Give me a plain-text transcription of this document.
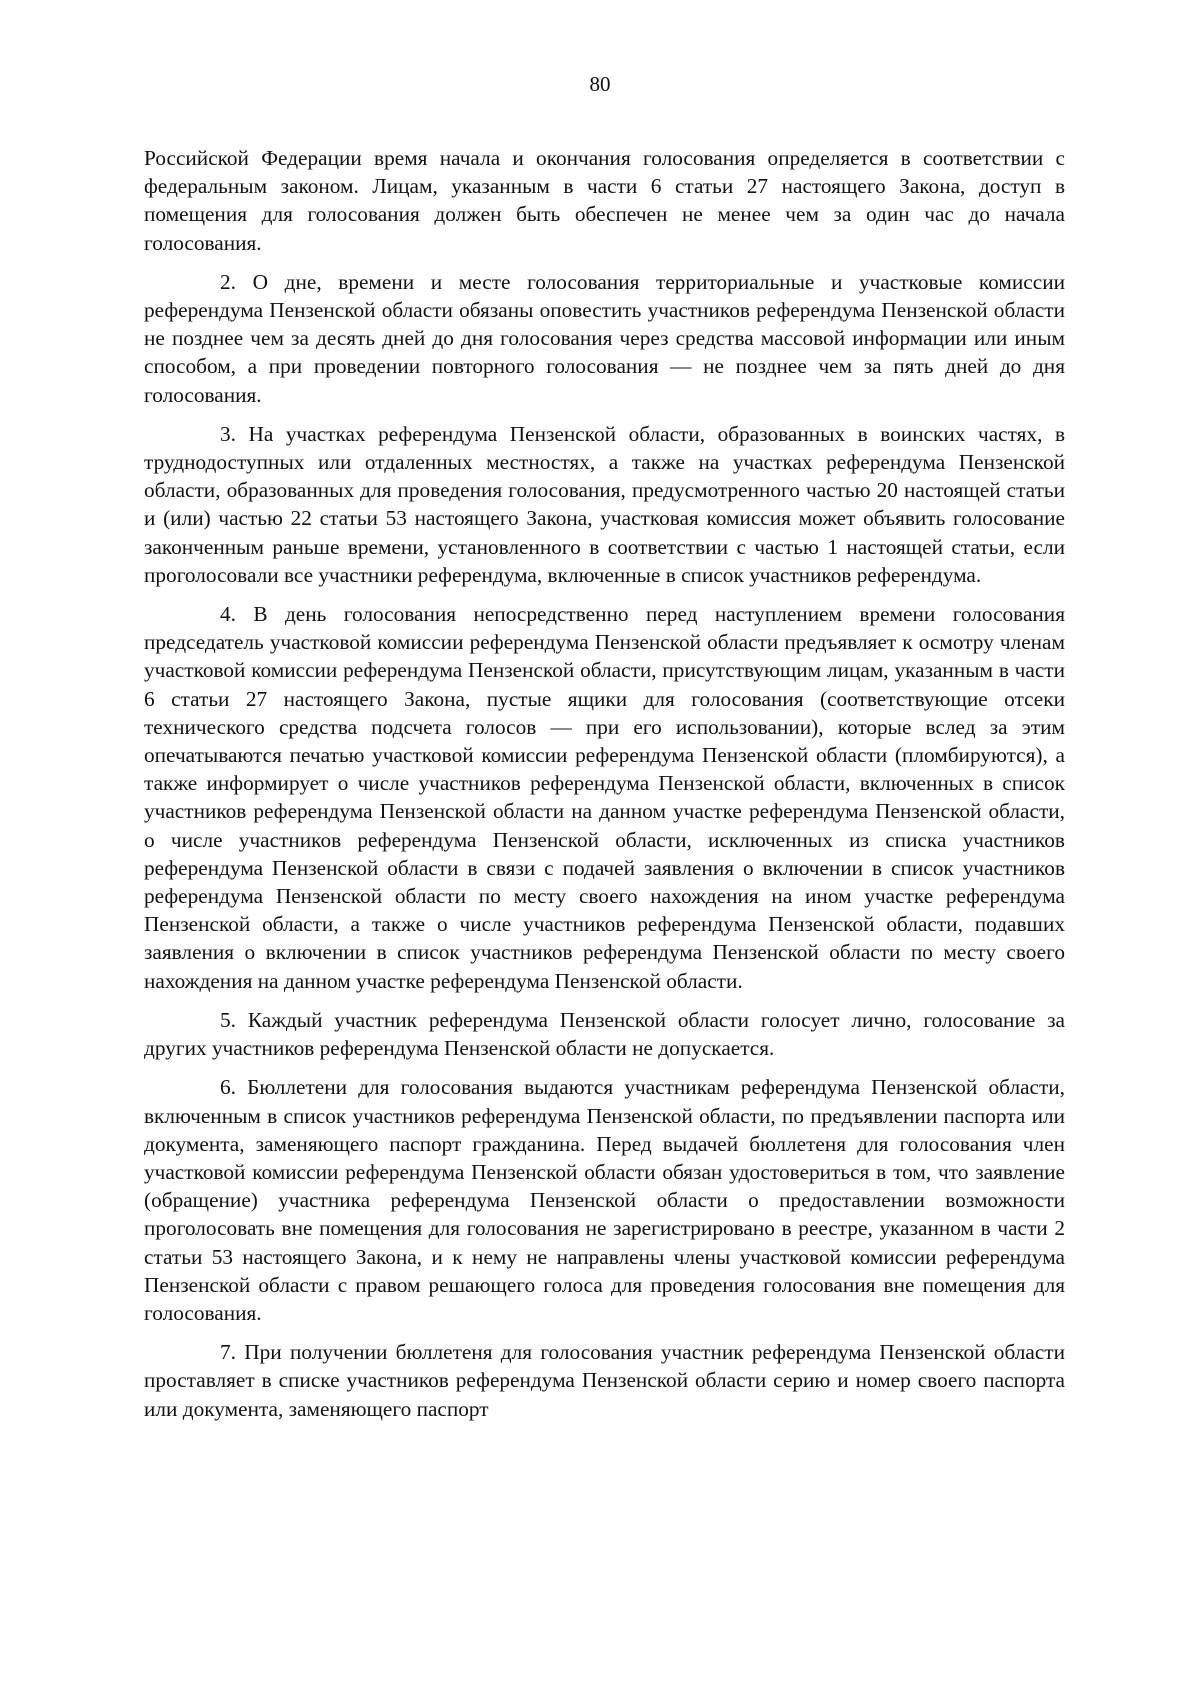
80

Российской Федерации время начала и окончания голосования определяется в соответствии с федеральным законом. Лицам, указанным в части 6 статьи 27 настоящего Закона, доступ в помещения для голосования должен быть обеспечен не менее чем за один час до начала голосования.

2. О дне, времени и месте голосования территориальные и участковые комиссии референдума Пензенской области обязаны оповестить участников референдума Пензенской области не позднее чем за десять дней до дня голосования через средства массовой информации или иным способом, а при проведении повторного голосования — не позднее чем за пять дней до дня голосования.

3. На участках референдума Пензенской области, образованных в воинских частях, в труднодоступных или отдаленных местностях, а также на участках референдума Пензенской области, образованных для проведения голосования, предусмотренного частью 20 настоящей статьи и (или) частью 22 статьи 53 настоящего Закона, участковая комиссия может объявить голосование законченным раньше времени, установленного в соответствии с частью 1 настоящей статьи, если проголосовали все участники референдума, включенные в список участников референдума.

4. В день голосования непосредственно перед наступлением времени голосования председатель участковой комиссии референдума Пензенской области предъявляет к осмотру членам участковой комиссии референдума Пензенской области, присутствующим лицам, указанным в части 6 статьи 27 настоящего Закона, пустые ящики для голосования (соответствующие отсеки технического средства подсчета голосов — при его использовании), которые вслед за этим опечатываются печатью участковой комиссии референдума Пензенской области (пломбируются), а также информирует о числе участников референдума Пензенской области, включенных в список участников референдума Пензенской области на данном участке референдума Пензенской области, о числе участников референдума Пензенской области, исключенных из списка участников референдума Пензенской области в связи с подачей заявления о включении в список участников референдума Пензенской области по месту своего нахождения на ином участке референдума Пензенской области, а также о числе участников референдума Пензенской области, подавших заявления о включении в список участников референдума Пензенской области по месту своего нахождения на данном участке референдума Пензенской области.

5. Каждый участник референдума Пензенской области голосует лично, голосование за других участников референдума Пензенской области не допускается.

6. Бюллетени для голосования выдаются участникам референдума Пензенской области, включенным в список участников референдума Пензенской области, по предъявлении паспорта или документа, заменяющего паспорт гражданина. Перед выдачей бюллетеня для голосования член участковой комиссии референдума Пензенской области обязан удостовериться в том, что заявление (обращение) участника референдума Пензенской области о предоставлении возможности проголосовать вне помещения для голосования не зарегистрировано в реестре, указанном в части 2 статьи 53 настоящего Закона, и к нему не направлены члены участковой комиссии референдума Пензенской области с правом решающего голоса для проведения голосования вне помещения для голосования.

7. При получении бюллетеня для голосования участник референдума Пензенской области проставляет в списке участников референдума Пензенской области серию и номер своего паспорта или документа, заменяющего паспорт
